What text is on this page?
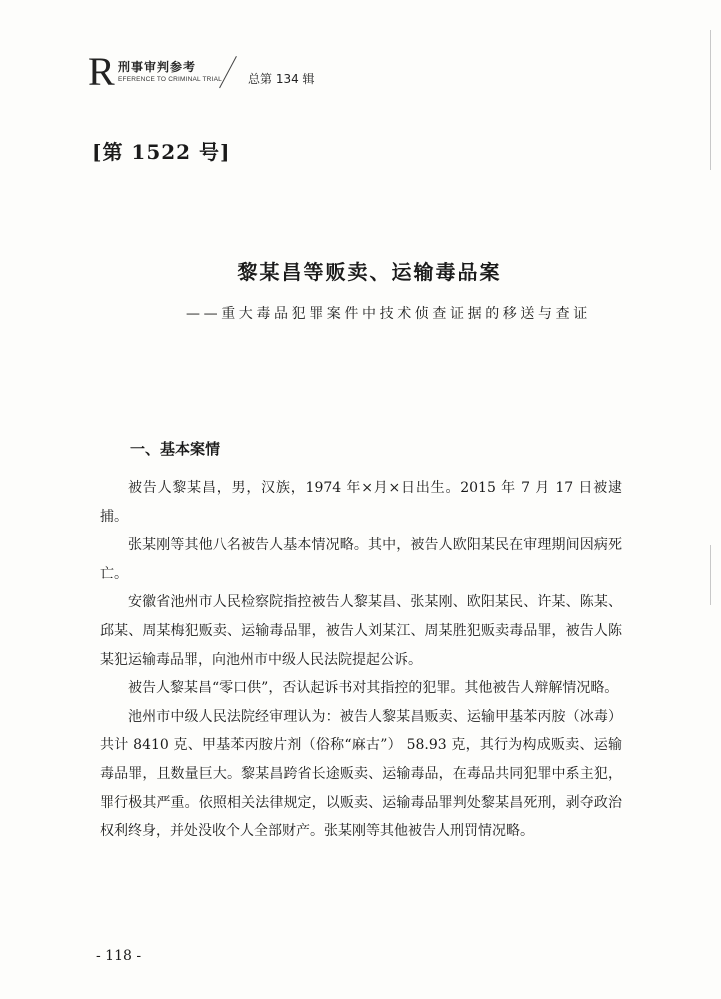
R 刑事审判参考
EFERENCE TO CRIMINAL TRIAL 总第 134 辑
[第 1522 号]
黎某昌等贩卖、运输毒品案
——重大毒品犯罪案件中技术侦查证据的移送与查证
一、基本案情

被告人黎某昌，男，汉族，1974 年×月×日出生。2015 年 7 月 17 日被逮捕。

张某刚等其他八名被告人基本情况略。其中，被告人欧阳某民在审理期间因病死亡。

安徽省池州市人民检察院指控被告人黎某昌、张某刚、欧阳某民、许某、陈某、邱某、周某梅犯贩卖、运输毒品罪，被告人刘某江、周某胜犯贩卖毒品罪，被告人陈某犯运输毒品罪，向池州市中级人民法院提起公诉。

被告人黎某昌“零口供”，否认起诉书对其指控的犯罪。其他被告人辩解情况略。

池州市中级人民法院经审理认为：被告人黎某昌贩卖、运输甲基苯丙胺（冰毒）共计 8410 克、甲基苯丙胺片剂（俗称“麻古”） 58.93 克，其行为构成贩卖、运输毒品罪，且数量巨大。黎某昌跨省长途贩卖、运输毒品，在毒品共同犯罪中系主犯，罪行极其严重。依照相关法律规定，以贩卖、运输毒品罪判处黎某昌死刑，剥夺政治权利终身，并处没收个人全部财产。张某刚等其他被告人刑罚情况略。

- 118 -
